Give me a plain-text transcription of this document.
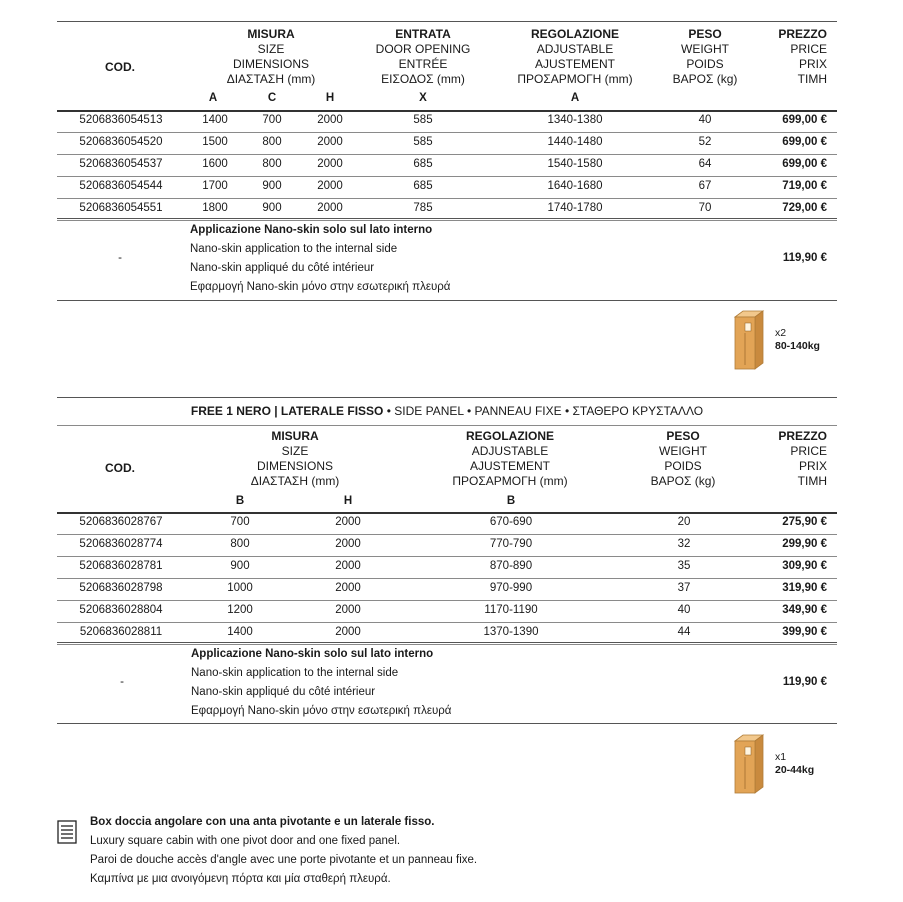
COD.
MISURA
SIZE
DIMENSIONS
ΔΙΑΣΤΑΣΗ (mm)
ENTRATA
DOOR OPENING
ENTRÉE
ΕΙΣΟΔΟΣ (mm)
REGOLAZIONE
ADJUSTABLE
AJUSTEMENT
ΠΡΟΣΑΡΜΟΓΗ (mm)
PESO
WEIGHT
POIDS
ΒΑΡΟΣ (kg)
PREZZO
PRICE
PRIX
TIMH
A	C	H	X	A
5206836054513	1400	700	2000	585	1340-1380	40	699,00 €
5206836054520	1500	800	2000	585	1440-1480	52	699,00 €
5206836054537	1600	800	2000	685	1540-1580	64	699,00 €
5206836054544	1700	900	2000	685	1640-1680	67	719,00 €
5206836054551	1800	900	2000	785	1740-1780	70	729,00 €
-
Applicazione Nano-skin solo sul lato interno
Nano-skin application to the internal side
Nano-skin appliqué du côté intérieur
Εφαρμογή Nano-skin μόνο στην εσωτερική πλευρά
119,90 €
x2
80-140kg
FREE 1 NERO | LATERALE FISSO • SIDE PANEL • PANNEAU FIXE • ΣΤΑΘΕΡΟ ΚΡΥΣΤΑΛΛΟ
COD.
MISURA
SIZE
DIMENSIONS
ΔΙΑΣΤΑΣΗ (mm)
REGOLAZIONE
ADJUSTABLE
AJUSTEMENT
ΠΡΟΣΑΡΜΟΓΗ (mm)
PESO
WEIGHT
POIDS
ΒΑΡΟΣ (kg)
PREZZO
PRICE
PRIX
TIMH
B	H	B
5206836028767	700	2000	670-690	20	275,90 €
5206836028774	800	2000	770-790	32	299,90 €
5206836028781	900	2000	870-890	35	309,90 €
5206836028798	1000	2000	970-990	37	319,90 €
5206836028804	1200	2000	1170-1190	40	349,90 €
5206836028811	1400	2000	1370-1390	44	399,90 €
-
Applicazione Nano-skin solo sul lato interno
Nano-skin application to the internal side
Nano-skin appliqué du côté intérieur
Εφαρμογή Nano-skin μόνο στην εσωτερική πλευρά
119,90 €
x1
20-44kg
Box doccia angolare con una anta pivotante e un laterale fisso.
Luxury square cabin with one pivot door and one fixed panel.
Paroi de douche accès d'angle avec une porte pivotante et un panneau fixe.
Καμπίνα με μια ανοιγόμενη πόρτα και μία σταθερή πλευρά.
